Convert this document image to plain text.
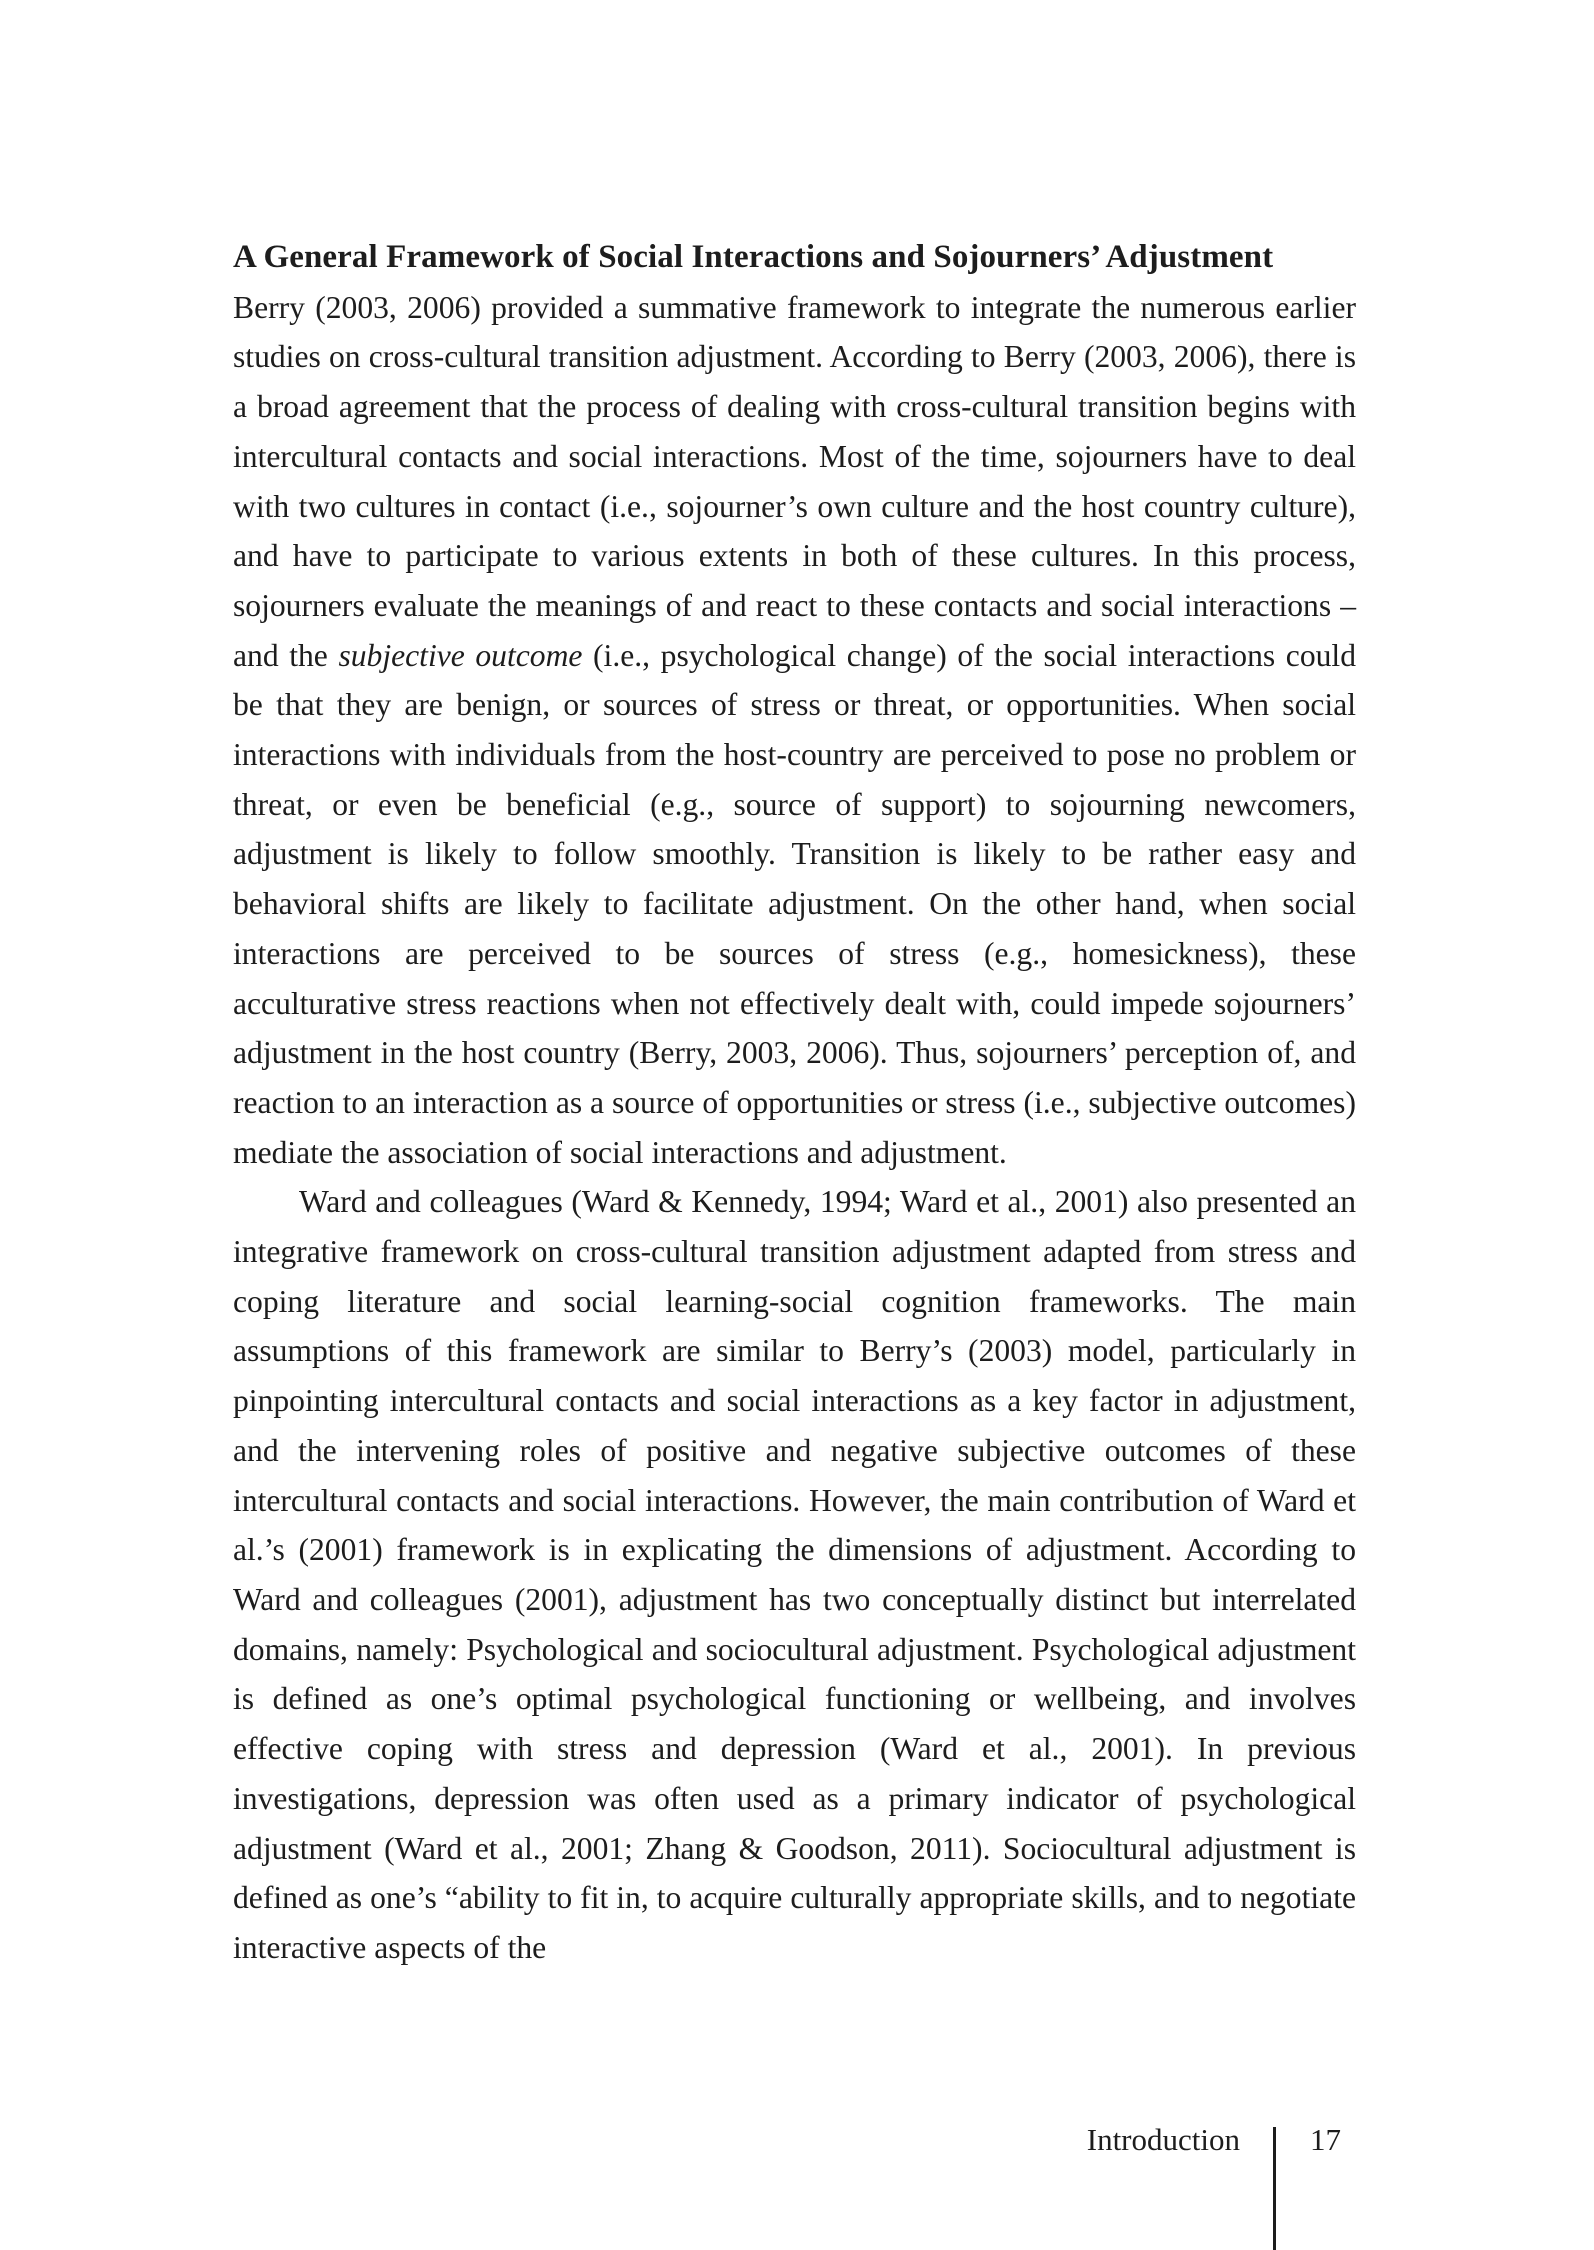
A General Framework of Social Interactions and Sojourners’ Adjustment

Berry (2003, 2006) provided a summative framework to integrate the numerous earlier studies on cross-cultural transition adjustment. According to Berry (2003, 2006), there is a broad agreement that the process of dealing with cross-cultural transition begins with intercultural contacts and social interactions. Most of the time, sojourners have to deal with two cultures in contact (i.e., sojourner’s own culture and the host country culture), and have to participate to various extents in both of these cultures. In this process, sojourners evaluate the meanings of and react to these contacts and social interactions – and the subjective outcome (i.e., psychological change) of the social interactions could be that they are benign, or sources of stress or threat, or opportunities. When social interactions with individuals from the host-country are perceived to pose no problem or threat, or even be beneficial (e.g., source of support) to sojourning newcomers, adjustment is likely to follow smoothly. Transition is likely to be rather easy and behavioral shifts are likely to facilitate adjustment. On the other hand, when social interactions are perceived to be sources of stress (e.g., homesickness), these acculturative stress reactions when not effectively dealt with, could impede sojourners’ adjustment in the host country (Berry, 2003, 2006). Thus, sojourners’ perception of, and reaction to an interaction as a source of opportunities or stress (i.e., subjective outcomes) mediate the association of social interactions and adjustment.

Ward and colleagues (Ward & Kennedy, 1994; Ward et al., 2001) also presented an integrative framework on cross-cultural transition adjustment adapted from stress and coping literature and social learning-social cognition frameworks. The main assumptions of this framework are similar to Berry’s (2003) model, particularly in pinpointing intercultural contacts and social interactions as a key factor in adjustment, and the intervening roles of positive and negative subjective outcomes of these intercultural contacts and social interactions. However, the main contribution of Ward et al.’s (2001) framework is in explicating the dimensions of adjustment. According to Ward and colleagues (2001), adjustment has two conceptually distinct but interrelated domains, namely: Psychological and sociocultural adjustment. Psychological adjustment is defined as one’s optimal psychological functioning or wellbeing, and involves effective coping with stress and depression (Ward et al., 2001). In previous investigations, depression was often used as a primary indicator of psychological adjustment (Ward et al., 2001; Zhang & Goodson, 2011). Sociocultural adjustment is defined as one’s “ability to fit in, to acquire culturally appropriate skills, and to negotiate interactive aspects of the

Introduction 17
